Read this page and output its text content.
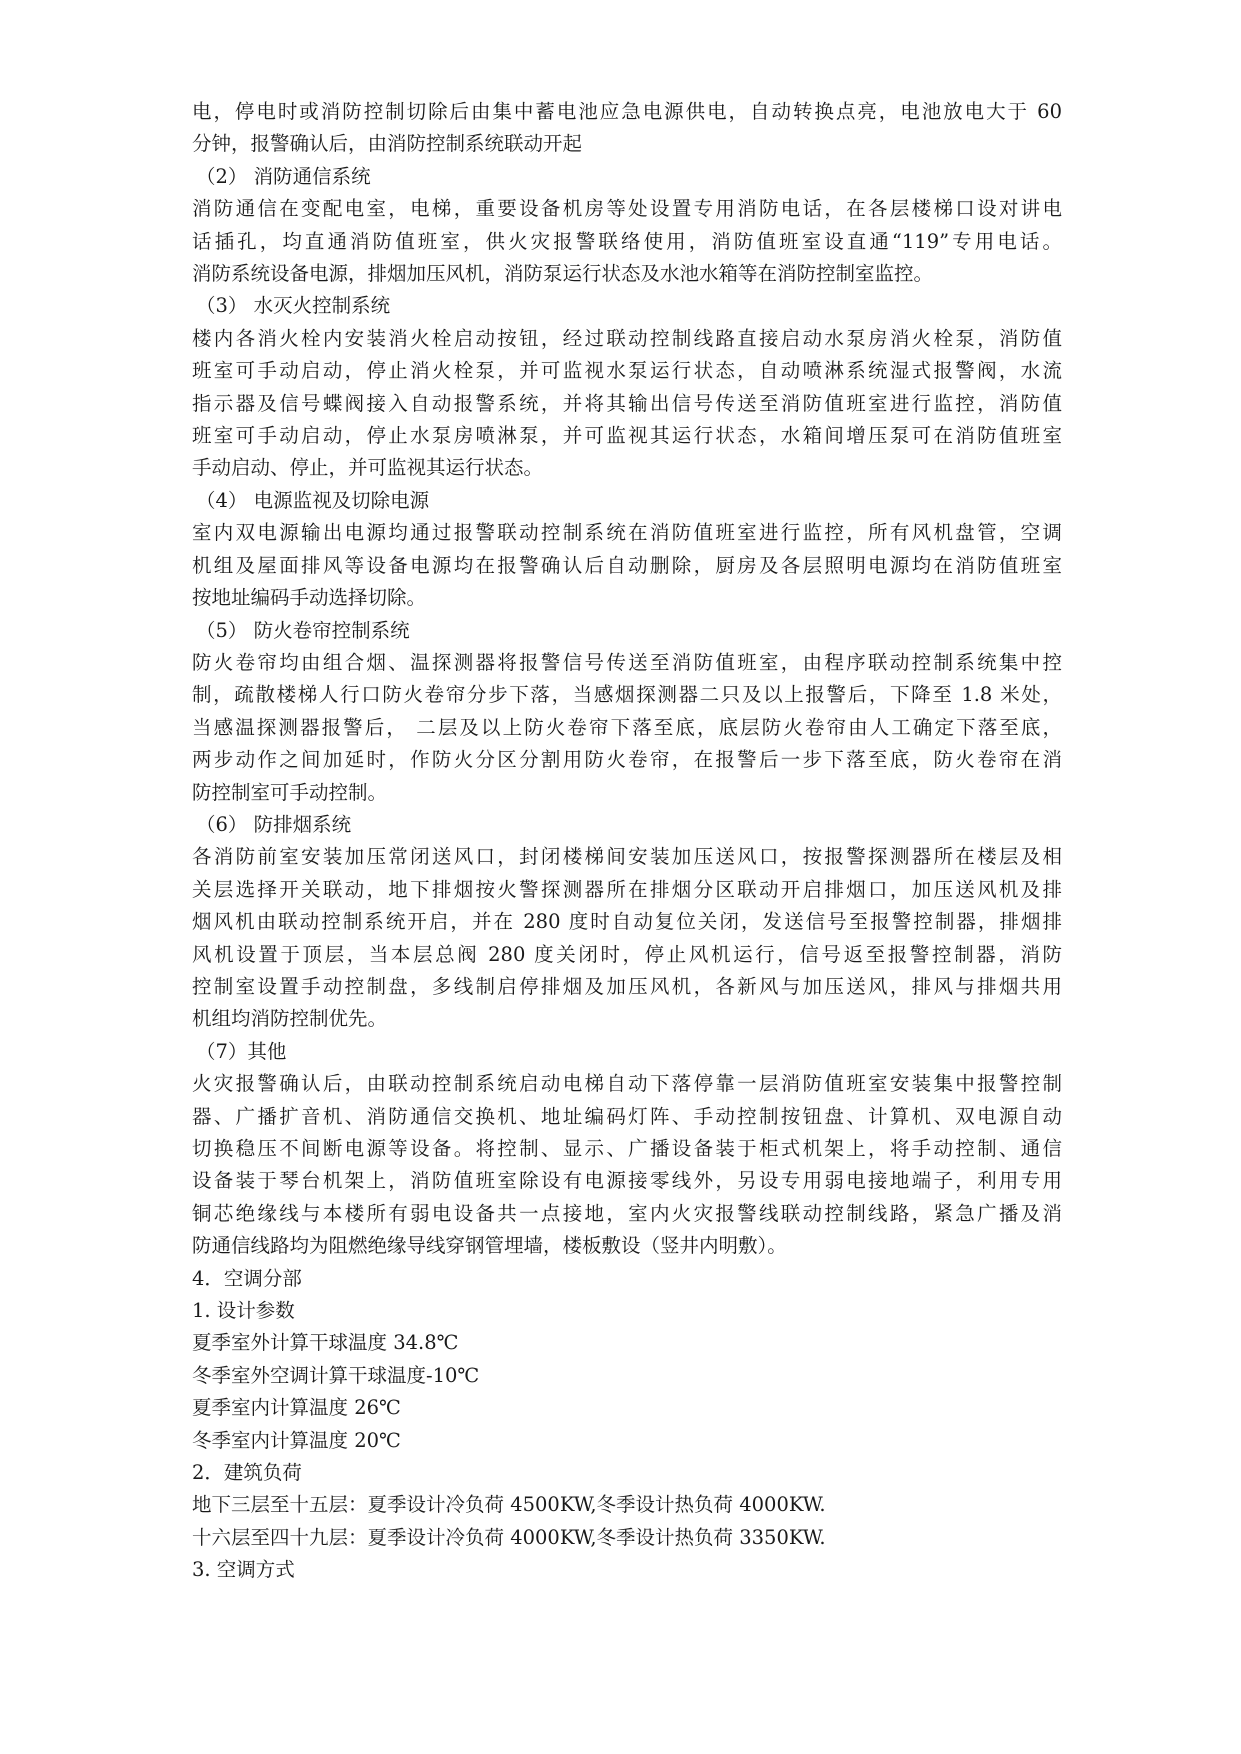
电，停电时或消防控制切除后由集中蓄电池应急电源供电，自动转换点亮，电池放电大于 60
分钟，报警确认后，由消防控制系统联动开起
（2） 消防通信系统
消防通信在变配电室，电梯，重要设备机房等处设置专用消防电话，在各层楼梯口设对讲电
话插孔，均直通消防值班室，供火灾报警联络使用，消防值班室设直通“119”专用电话。
消防系统设备电源，排烟加压风机，消防泵运行状态及水池水箱等在消防控制室监控。
（3） 水灭火控制系统
楼内各消火栓内安装消火栓启动按钮，经过联动控制线路直接启动水泵房消火栓泵，消防值
班室可手动启动，停止消火栓泵，并可监视水泵运行状态，自动喷淋系统湿式报警阀，水流
指示器及信号蝶阀接入自动报警系统，并将其输出信号传送至消防值班室进行监控，消防值
班室可手动启动，停止水泵房喷淋泵，并可监视其运行状态，水箱间增压泵可在消防值班室
手动启动、停止，并可监视其运行状态。
（4） 电源监视及切除电源
室内双电源输出电源均通过报警联动控制系统在消防值班室进行监控，所有风机盘管，空调
机组及屋面排风等设备电源均在报警确认后自动删除，厨房及各层照明电源均在消防值班室
按地址编码手动选择切除。
（5） 防火卷帘控制系统
防火卷帘均由组合烟、温探测器将报警信号传送至消防值班室，由程序联动控制系统集中控
制，疏散楼梯人行口防火卷帘分步下落，当感烟探测器二只及以上报警后，下降至 1.8 米处，
当感温探测器报警后， 二层及以上防火卷帘下落至底，底层防火卷帘由人工确定下落至底，
两步动作之间加延时，作防火分区分割用防火卷帘，在报警后一步下落至底，防火卷帘在消
防控制室可手动控制。
（6） 防排烟系统
各消防前室安装加压常闭送风口，封闭楼梯间安装加压送风口，按报警探测器所在楼层及相
关层选择开关联动，地下排烟按火警探测器所在排烟分区联动开启排烟口，加压送风机及排
烟风机由联动控制系统开启，并在 280 度时自动复位关闭，发送信号至报警控制器，排烟排
风机设置于顶层，当本层总阀 280 度关闭时，停止风机运行，信号返至报警控制器，消防
控制室设置手动控制盘，多线制启停排烟及加压风机，各新风与加压送风，排风与排烟共用
机组均消防控制优先。
（7）其他
火灾报警确认后，由联动控制系统启动电梯自动下落停靠一层消防值班室安装集中报警控制
器、广播扩音机、消防通信交换机、地址编码灯阵、手动控制按钮盘、计算机、双电源自动
切换稳压不间断电源等设备。将控制、显示、广播设备装于柜式机架上，将手动控制、通信
设备装于琴台机架上，消防值班室除设有电源接零线外，另设专用弱电接地端子，利用专用
铜芯绝缘线与本楼所有弱电设备共一点接地，室内火灾报警线联动控制线路，紧急广播及消
防通信线路均为阻燃绝缘导线穿钢管埋墙，楼板敷设（竖井内明敷）。
4．空调分部
1. 设计参数
夏季室外计算干球温度 34.8℃
冬季室外空调计算干球温度-10℃
夏季室内计算温度 26℃
冬季室内计算温度 20℃
2．建筑负荷
地下三层至十五层：夏季设计冷负荷 4500KW,冬季设计热负荷 4000KW.
十六层至四十九层：夏季设计冷负荷 4000KW,冬季设计热负荷 3350KW.
3. 空调方式
